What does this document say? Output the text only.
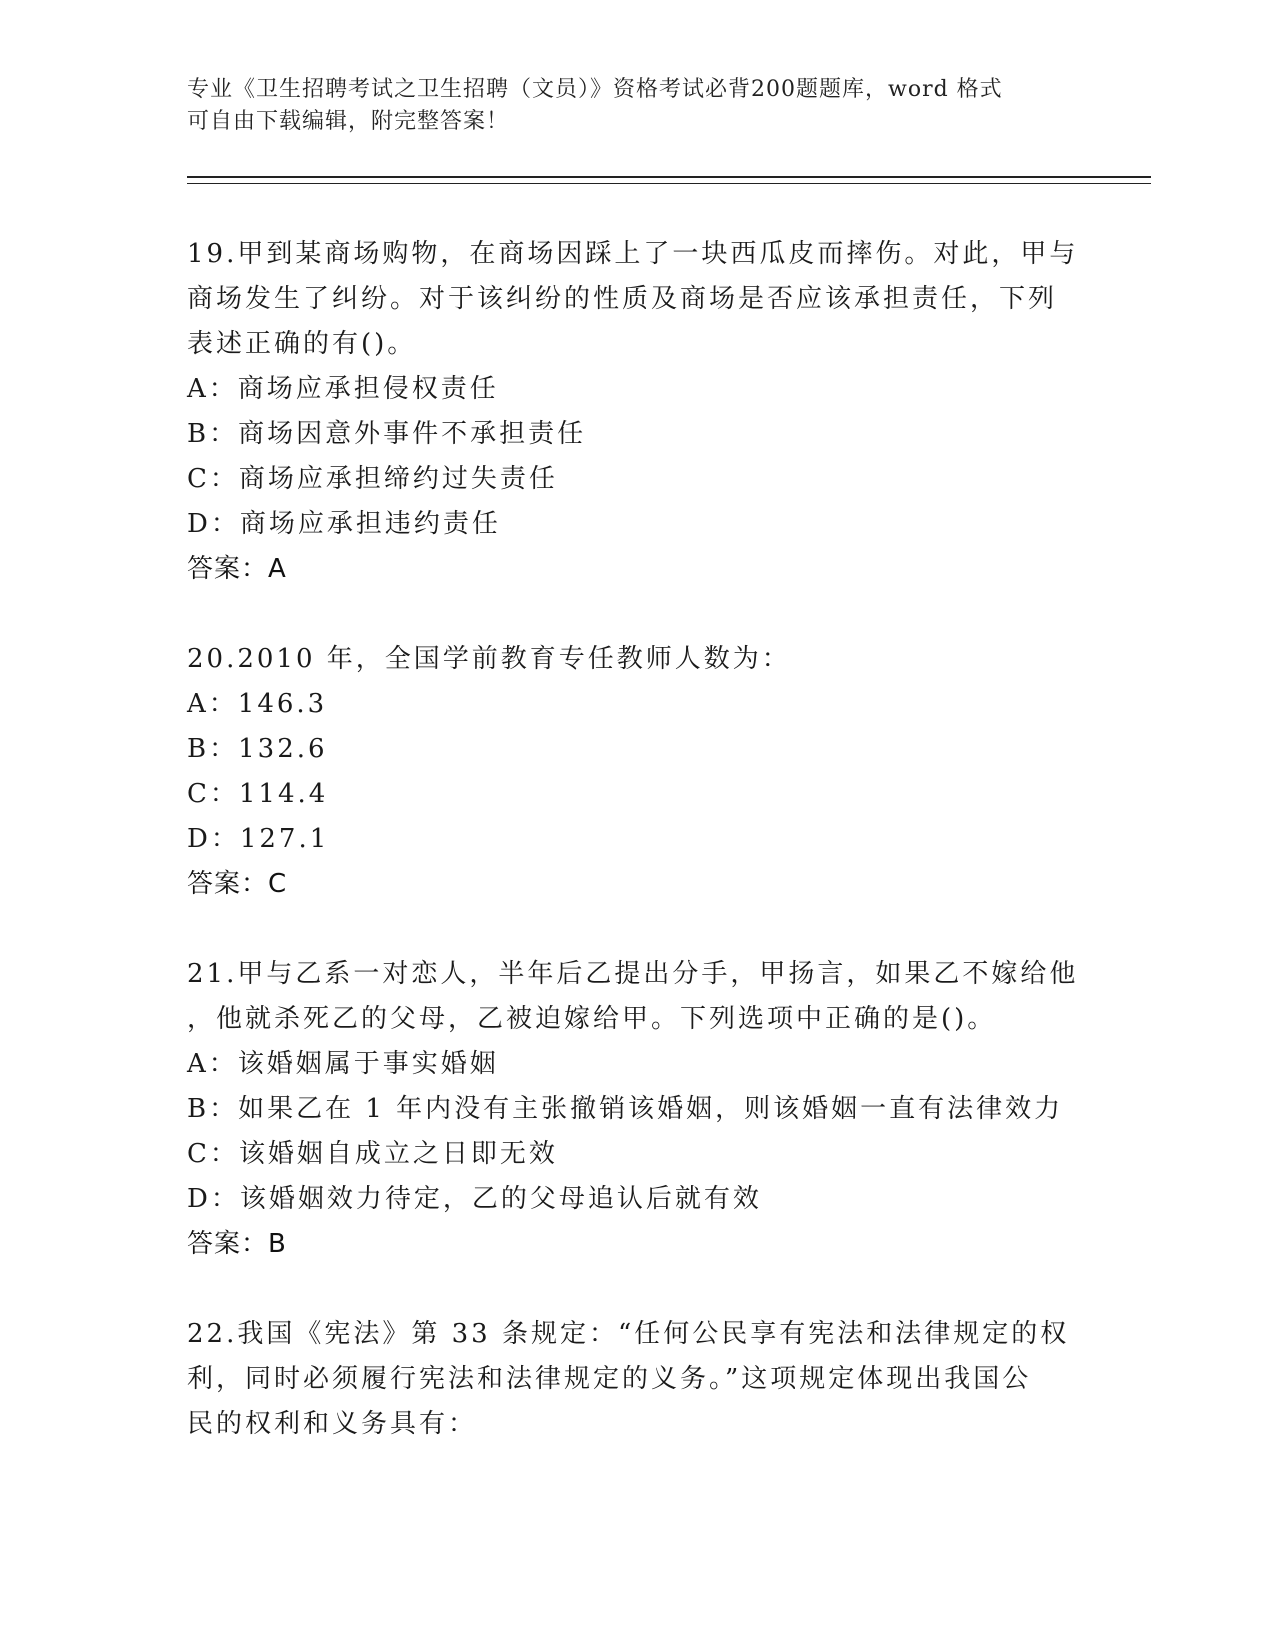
专业《卫生招聘考试之卫生招聘（文员）》资格考试必背200题题库，word 格式
可自由下载编辑，附完整答案！
19.甲到某商场购物，在商场因踩上了一块西瓜皮而摔伤。对此，甲与
商场发生了纠纷。对于该纠纷的性质及商场是否应该承担责任，下列
表述正确的有()。
A：商场应承担侵权责任
B：商场因意外事件不承担责任
C：商场应承担缔约过失责任
D：商场应承担违约责任
答案：A
20.2010 年，全国学前教育专任教师人数为：
A：146.3
B：132.6
C：114.4
D：127.1
答案：C
21.甲与乙系一对恋人，半年后乙提出分手，甲扬言，如果乙不嫁给他
，他就杀死乙的父母，乙被迫嫁给甲。下列选项中正确的是()。
A：该婚姻属于事实婚姻
B：如果乙在 1 年内没有主张撤销该婚姻，则该婚姻一直有法律效力
C：该婚姻自成立之日即无效
D：该婚姻效力待定，乙的父母追认后就有效
答案：B
22.我国《宪法》第 33 条规定：“任何公民享有宪法和法律规定的权
利，同时必须履行宪法和法律规定的义务。”这项规定体现出我国公
民的权利和义务具有：
